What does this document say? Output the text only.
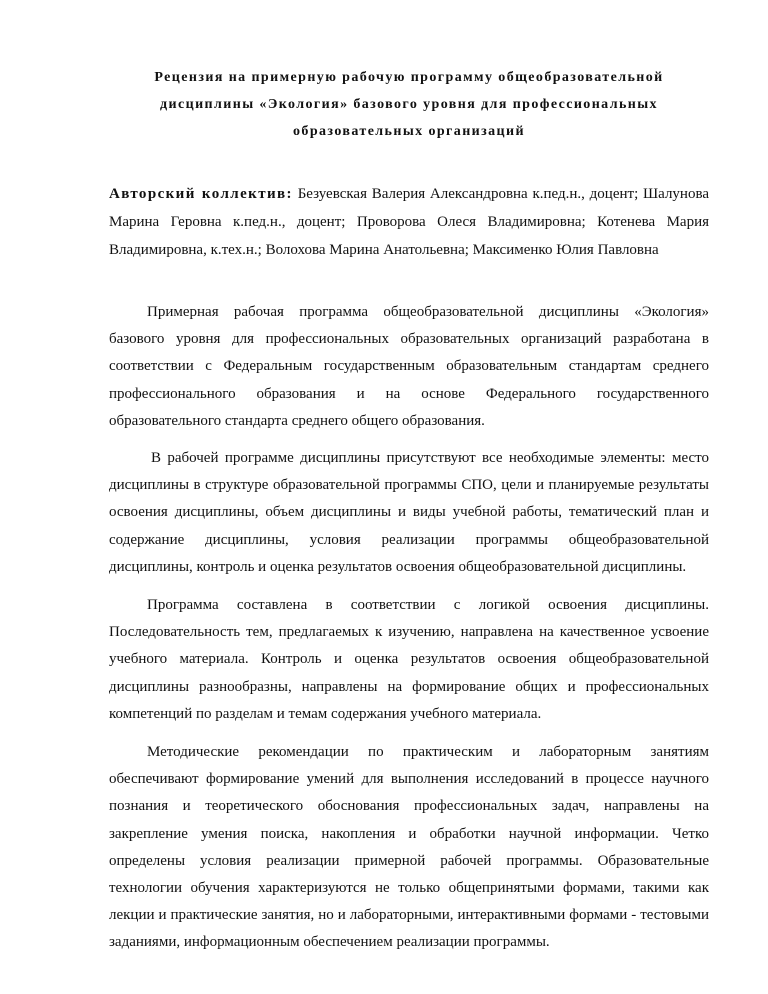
Рецензия на примерную рабочую программу общеобразовательной
дисциплины «Экология» базового уровня для профессиональных
образовательных организаций

Авторский коллектив: Безуевская Валерия Александровна к.пед.н., доцент; Шалунова Марина Геровна к.пед.н., доцент; Проворова Олеся Владимировна; Котенева Мария Владимировна, к.тех.н.; Волохова Марина Анатольевна; Максименко Юлия Павловна

Примерная рабочая программа общеобразовательной дисциплины «Экология» базового уровня для профессиональных образовательных организаций разработана в соответствии с Федеральным государственным образовательным стандартам среднего профессионального образования и на основе Федерального государственного образовательного стандарта среднего общего образования.

В рабочей программе дисциплины присутствуют все необходимые элементы: место дисциплины в структуре образовательной программы СПО, цели и планируемые результаты освоения дисциплины, объем дисциплины и виды учебной работы, тематический план и содержание дисциплины, условия реализации программы общеобразовательной дисциплины, контроль и оценка результатов освоения общеобразовательной дисциплины.

Программа составлена в соответствии с логикой освоения дисциплины. Последовательность тем, предлагаемых к изучению, направлена на качественное усвоение учебного материала. Контроль и оценка результатов освоения общеобразовательной дисциплины разнообразны, направлены на формирование общих и профессиональных компетенций по разделам и темам содержания учебного материала.

Методические рекомендации по практическим и лабораторным занятиям обеспечивают формирование умений для выполнения исследований в процессе научного познания и теоретического обоснования профессиональных задач, направлены на закрепление умения поиска, накопления и обработки научной информации. Четко определены условия реализации примерной рабочей программы. Образовательные технологии обучения характеризуются не только общепринятыми формами, такими как лекции и практические занятия, но и лабораторными, интерактивными формами - тестовыми заданиями, информационным обеспечением реализации программы.
